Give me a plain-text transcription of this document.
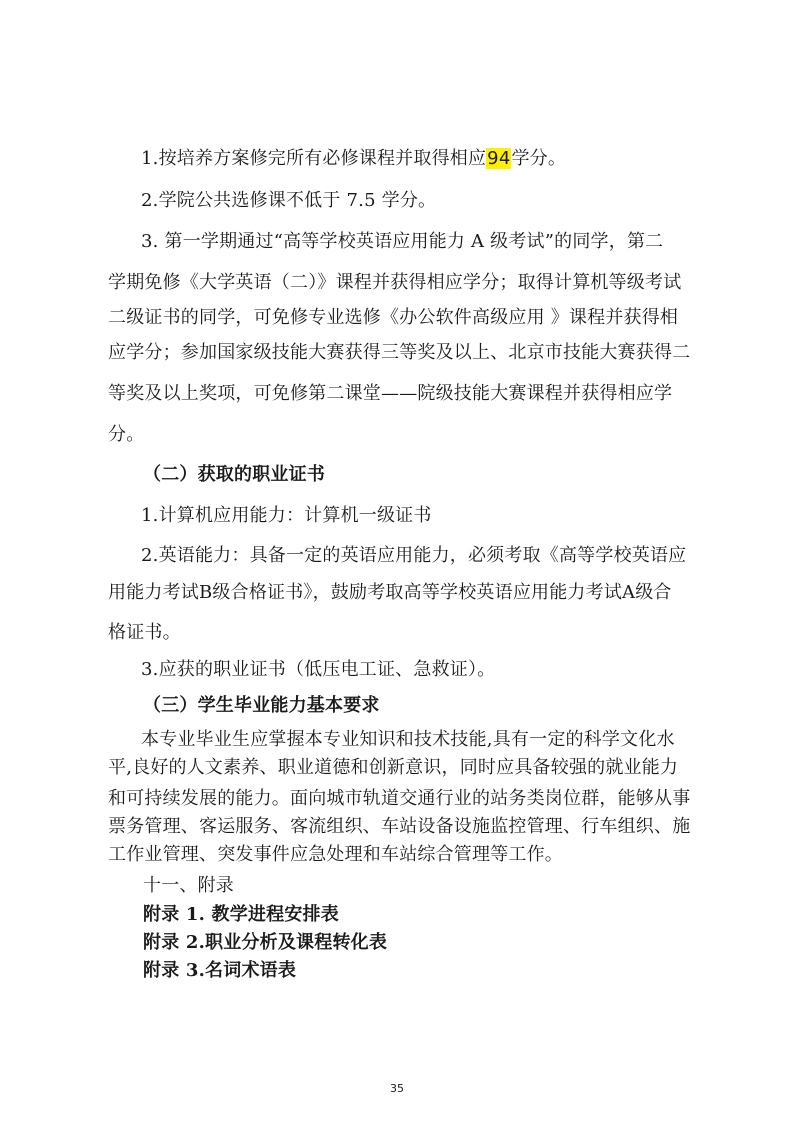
1.按培养方案修完所有必修课程并取得相应94学分。
2.学院公共选修课不低于 7.5 学分。
3. 第一学期通过“高等学校英语应用能力 A 级考试”的同学，第二
学期免修《大学英语（二）》课程并获得相应学分；取得计算机等级考试
二级证书的同学，可免修专业选修《办公软件高级应用 》课程并获得相
应学分；参加国家级技能大赛获得三等奖及以上、北京市技能大赛获得二
等奖及以上奖项，可免修第二课堂——院级技能大赛课程并获得相应学
分。
（二）获取的职业证书
1.计算机应用能力：计算机一级证书
2.英语能力：具备一定的英语应用能力，必须考取《高等学校英语应
用能力考试B级合格证书》，鼓励考取高等学校英语应用能力考试A级合
格证书。
3.应获的职业证书（低压电工证、急救证）。
（三）学生毕业能力基本要求
本专业毕业生应掌握本专业知识和技术技能,具有一定的科学文化水
平,良好的人文素养、职业道德和创新意识，同时应具备较强的就业能力
和可持续发展的能力。面向城市轨道交通行业的站务类岗位群，能够从事
票务管理、客运服务、客流组织、车站设备设施监控管理、行车组织、施
工作业管理、突发事件应急处理和车站综合管理等工作。
十一、附录
附录 1. 教学进程安排表
附录 2.职业分析及课程转化表
附录 3.名词术语表
35
